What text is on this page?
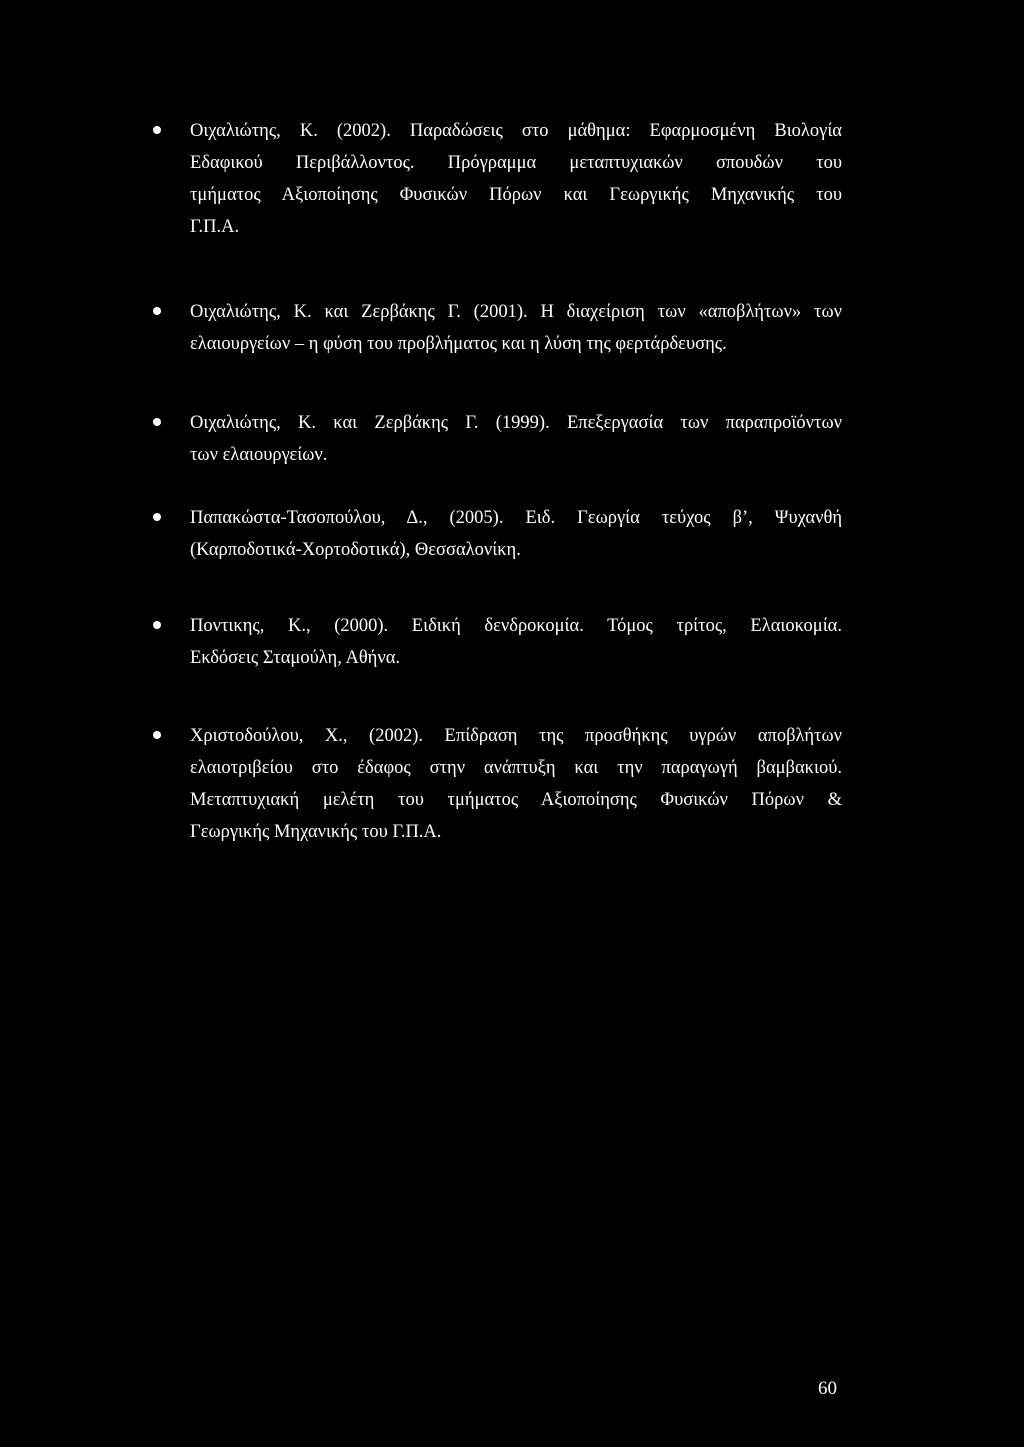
Οιχαλιώτης, Κ. (2002). Παραδώσεις στο μάθημα: Εφαρμοσμένη Βιολογία
Εδαφικού Περιβάλλοντος. Πρόγραμμα μεταπτυχιακών σπουδών του
τμήματος Αξιοποίησης Φυσικών Πόρων και Γεωργικής Μηχανικής του
Γ.Π.Α.
Οιχαλιώτης, Κ. και Ζερβάκης Γ. (2001). Η διαχείριση των «αποβλήτων» των
ελαιουργείων – η φύση του προβλήματος και η λύση της φερτάρδευσης.
Οιχαλιώτης, Κ. και Ζερβάκης Γ. (1999). Επεξεργασία των παραπροϊόντων
των ελαιουργείων.
Παπακώστα-Τασοπούλου, Δ., (2005). Ειδ. Γεωργία τεύχος β’, Ψυχανθή
(Καρποδοτικά-Χορτοδοτικά), Θεσσαλονίκη.
Ποντικης, Κ., (2000). Ειδική δενδροκομία. Τόμος τρίτος, Ελαιοκομία.
Εκδόσεις Σταμούλη, Αθήνα.
Χριστοδούλου, Χ., (2002). Επίδραση της προσθήκης υγρών αποβλήτων
ελαιοτριβείου στο έδαφος στην ανάπτυξη και την παραγωγή βαμβακιού.
Μεταπτυχιακή μελέτη του τμήματος Αξιοποίησης Φυσικών Πόρων &
Γεωργικής Μηχανικής του Γ.Π.Α.
60
